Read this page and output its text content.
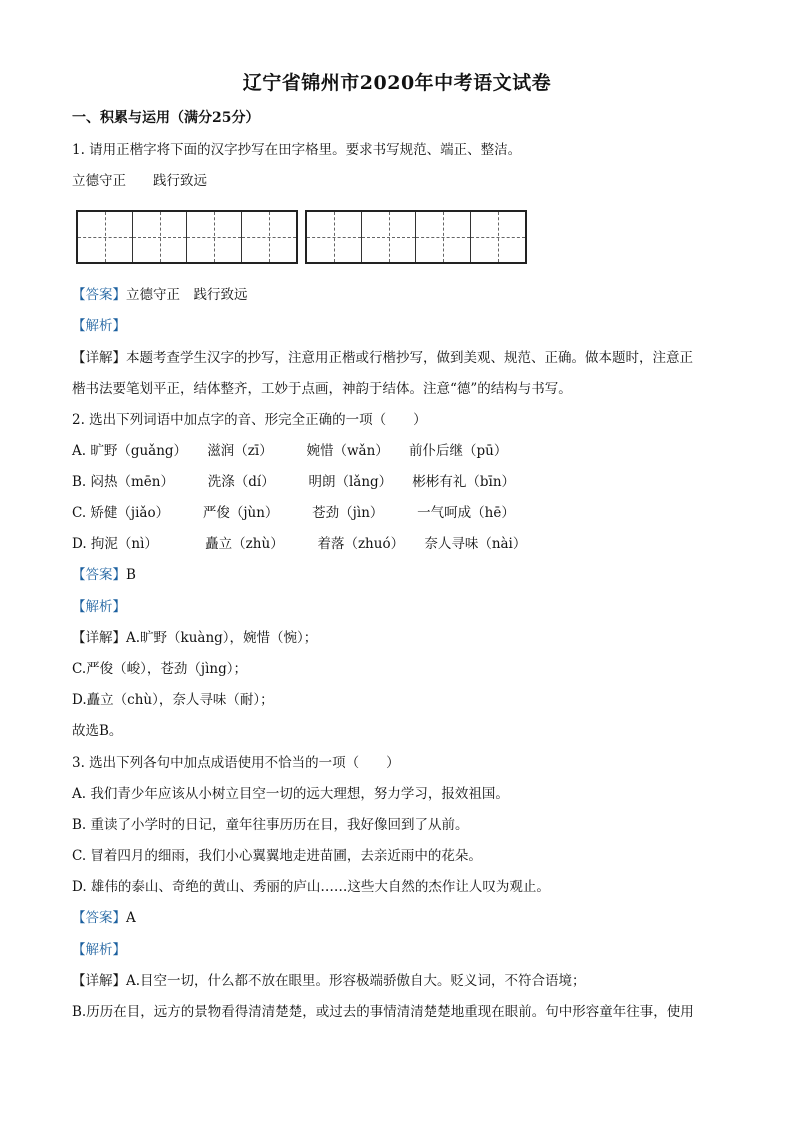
辽宁省锦州市2020年中考语文试卷
一、积累与运用（满分25分）
1. 请用正楷字将下面的汉字抄写在田字格里。要求书写规范、端正、整洁。
立德守正　　践行致远
【答案】立德守正　践行致远
【解析】
【详解】本题考查学生汉字的抄写，注意用正楷或行楷抄写，做到美观、规范、正确。做本题时，注意正
楷书法要笔划平正，结体整齐，工妙于点画，神韵于结体。注意“德”的结构与书写。
2. 选出下列词语中加点字的音、形完全正确的一项（　　）
A. 旷野（guǎng）　　滋润（zī）　　　婉惜（wǎn）　　前仆后继（pū）
B. 闷热（mēn）　　　洗涤（dí）　　　明朗（lǎng）　　彬彬有礼（bīn）
C. 矫健（jiǎo）　　　严俊（jùn）　　　苍劲（jìn）　　　一气呵成（hē）
D. 拘泥（nì）　　　　矗立（zhù）　　　着落（zhuó）　　奈人寻味（nài）
【答案】B
【解析】
【详解】A.旷野（kuàng），婉惜（惋）；
C.严俊（峻），苍劲（jìng）；
D.矗立（chù），奈人寻味（耐）；
故选B。
3. 选出下列各句中加点成语使用不恰当的一项（　　）
A. 我们青少年应该从小树立目空一切的远大理想，努力学习，报效祖国。
B. 重读了小学时的日记，童年往事历历在目，我好像回到了从前。
C. 冒着四月的细雨，我们小心翼翼地走进苗圃，去亲近雨中的花朵。
D. 雄伟的泰山、奇绝的黄山、秀丽的庐山……这些大自然的杰作让人叹为观止。
【答案】A
【解析】
【详解】A.目空一切，什么都不放在眼里。形容极端骄傲自大。贬义词，不符合语境；
B.历历在目，远方的景物看得清清楚楚，或过去的事情清清楚楚地重现在眼前。句中形容童年往事，使用
